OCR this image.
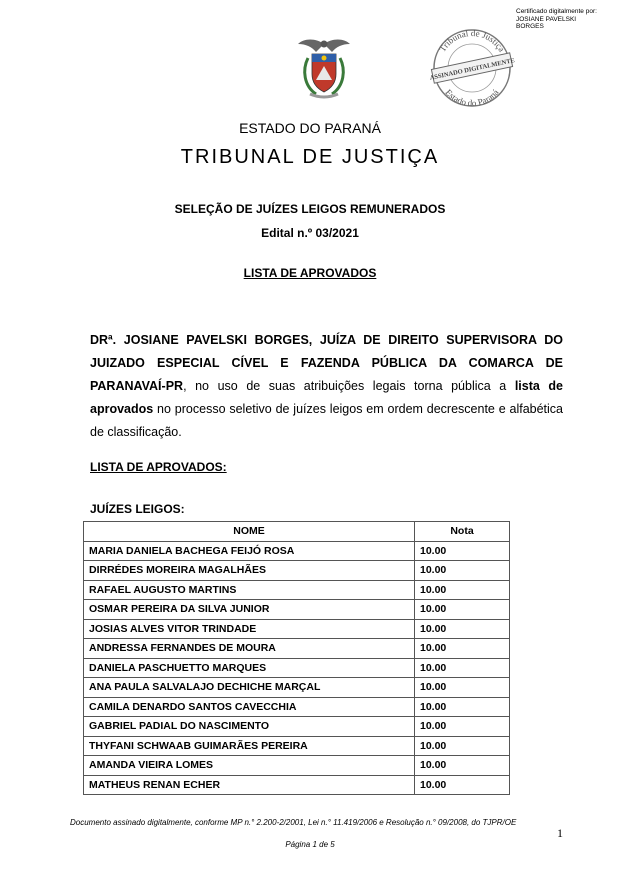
Certificado digitalmente por:
JOSIANE PAVELSKI
BORGES
Tribunal de Justiça
Estado do Paraná
ASSINADO DIGITALMENTE
ESTADO DO PARANÁ
TRIBUNAL DE JUSTIÇA
SELEÇÃO DE JUÍZES LEIGOS REMUNERADOS
Edital n.º 03/2021
LISTA DE APROVADOS
DRª. JOSIANE PAVELSKI BORGES, JUÍZA DE DIREITO SUPERVISORA DO JUIZADO ESPECIAL CÍVEL E FAZENDA PÚBLICA DA COMARCA DE PARANAVAÍ-PR, no uso de suas atribuições legais torna pública a lista de aprovados no processo seletivo de juízes leigos em ordem decrescente e alfabética de classificação.
LISTA DE APROVADOS:
JUÍZES LEIGOS:
NOME	Nota
MARIA DANIELA BACHEGA FEIJÓ ROSA	10.00
DIRRÉDES MOREIRA MAGALHÃES	10.00
RAFAEL AUGUSTO MARTINS	10.00
OSMAR PEREIRA DA SILVA JUNIOR	10.00
JOSIAS ALVES VITOR TRINDADE	10.00
ANDRESSA FERNANDES DE MOURA	10.00
DANIELA PASCHUETTO MARQUES	10.00
ANA PAULA SALVALAJO DECHICHE MARÇAL	10.00
CAMILA DENARDO SANTOS CAVECCHIA	10.00
GABRIEL PADIAL DO NASCIMENTO	10.00
THYFANI SCHWAAB GUIMARÃES PEREIRA	10.00
AMANDA VIEIRA LOMES	10.00
MATHEUS RENAN ECHER	10.00
Documento assinado digitalmente, conforme MP n.° 2.200-2/2001, Lei n.° 11.419/2006 e Resolução n.° 09/2008, do TJPR/OE
1
Página 1 de 5
